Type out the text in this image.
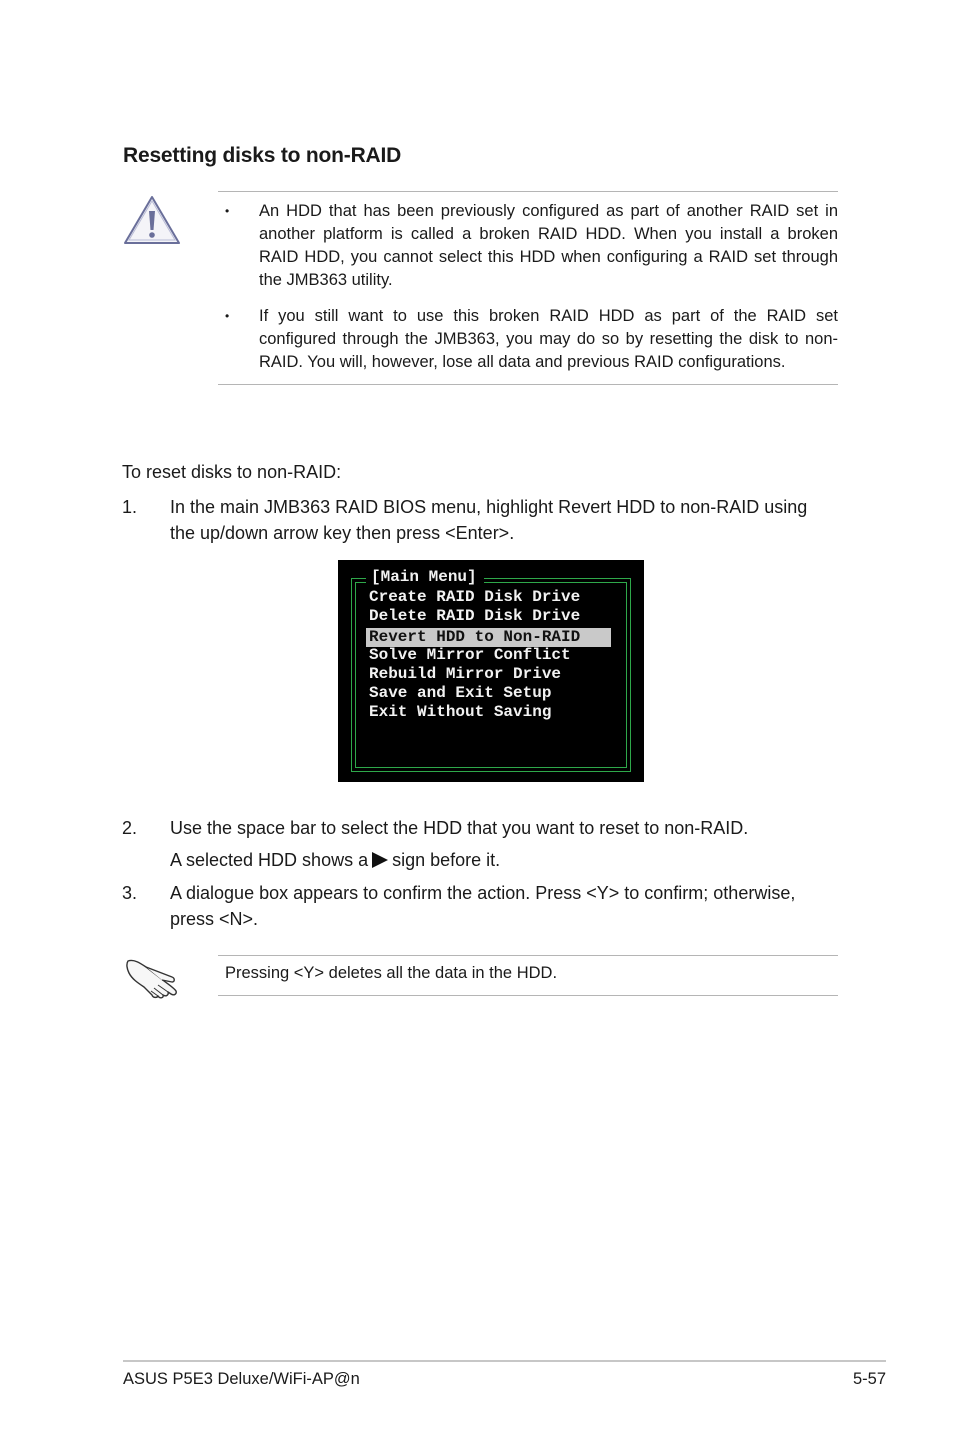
Resetting disks to non-RAID
• An HDD that has been previously configured as part of another RAID set in another platform is called a broken RAID HDD. When you install a broken RAID HDD, you cannot select this HDD when configuring a RAID set through the JMB363 utility.
• If you still want to use this broken RAID HDD as part of the RAID set configured through the JMB363, you may do so by resetting the disk to non-RAID. You will, however, lose all data and previous RAID configurations.
To reset disks to non-RAID:
1. In the main JMB363 RAID BIOS menu, highlight Revert HDD to non-RAID using the up/down arrow key then press <Enter>.
[Main Menu]
Create RAID Disk Drive
Delete RAID Disk Drive
Revert HDD to Non-RAID
Solve Mirror Conflict
Rebuild Mirror Drive
Save and Exit Setup
Exit Without Saving
2. Use the space bar to select the HDD that you want to reset to non-RAID.
A selected HDD shows a sign before it.
3. A dialogue box appears to confirm the action. Press <Y> to confirm; otherwise, press <N>.
Pressing <Y> deletes all the data in the HDD.
ASUS P5E3 Deluxe/WiFi-AP@n	5-57
